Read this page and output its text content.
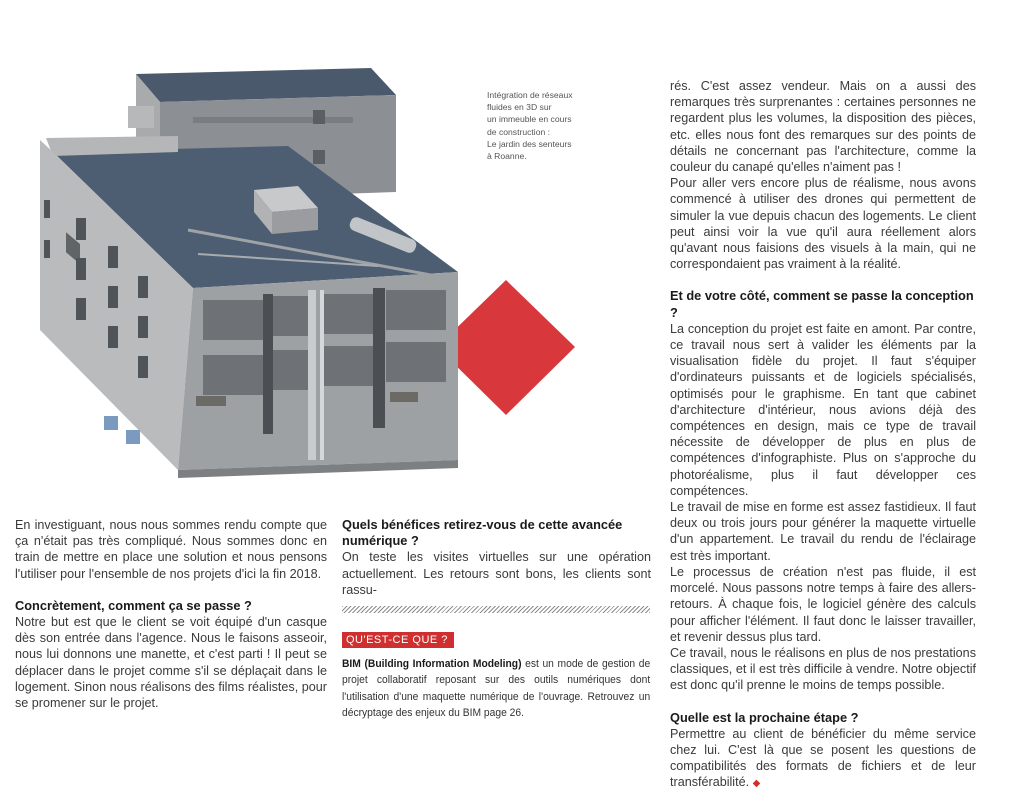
Intégration de réseaux
fluides en 3D sur
un immeuble en cours
de construction :
Le jardin des senteurs
à Roanne.

En investiguant, nous nous sommes rendu compte que ça n'était pas très compliqué. Nous sommes donc en train de mettre en place une solution et nous pensons l'utiliser pour l'ensemble de nos projets d'ici la fin 2018.

Concrètement, comment ça se passe ?

Notre but est que le client se voit équipé d'un casque dès son entrée dans l'agence. Nous le faisons asseoir, nous lui donnons une manette, et c'est parti ! Il peut se déplacer dans le projet comme s'il se déplaçait dans le logement. Sinon nous réalisons des films réalistes, pour se promener sur le projet.

Quels bénéfices retirez-vous de cette avancée numérique ?

On teste les visites virtuelles sur une opération actuellement. Les retours sont bons, les clients sont rassu-

QU'EST-CE QUE ?
BIM (Building Information Modeling) est un mode de gestion de projet collaboratif reposant sur des outils numériques dont l'utilisation d'une maquette numérique de l'ouvrage. Retrouvez un décryptage des enjeux du BIM page 26.

rés. C'est assez vendeur. Mais on a aussi des remarques très surprenantes : certaines personnes ne regardent plus les volumes, la disposition des pièces, etc. elles nous font des remarques sur des points de détails ne concernant pas l'architecture, comme la couleur du canapé qu'elles n'aiment pas !

Pour aller vers encore plus de réalisme, nous avons commencé à utiliser des drones qui permettent de simuler la vue depuis chacun des logements. Le client peut ainsi voir la vue qu'il aura réellement alors qu'avant nous faisions des visuels à la main, qui ne correspondaient pas vraiment à la réalité.

Et de votre côté, comment se passe la conception ?

La conception du projet est faite en amont. Par contre, ce travail nous sert à valider les éléments par la visualisation fidèle du projet. Il faut s'équiper d'ordinateurs puissants et de logiciels spécialisés, optimisés pour le graphisme. En tant que cabinet d'architecture d'intérieur, nous avions déjà des compétences en design, mais ce type de travail nécessite de développer de plus en plus de compétences d'infographiste. Plus on s'approche du photoréalisme, plus il faut développer ces compétences.

Le travail de mise en forme est assez fastidieux. Il faut deux ou trois jours pour générer la maquette virtuelle d'un appartement. Le travail du rendu de l'éclairage est très important.

Le processus de création n'est pas fluide, il est morcelé. Nous passons notre temps à faire des allers-retours. À chaque fois, le logiciel génère des calculs pour afficher l'élément. Il faut donc le laisser travailler, et revenir dessus plus tard.

Ce travail, nous le réalisons en plus de nos prestations classiques, et il est très difficile à vendre. Notre objectif est donc qu'il prenne le moins de temps possible.

Quelle est la prochaine étape ?

Permettre au client de bénéficier du même service chez lui. C'est là que se posent les questions de compatibilités des formats de fichiers et de leur transférabilité. ◆
